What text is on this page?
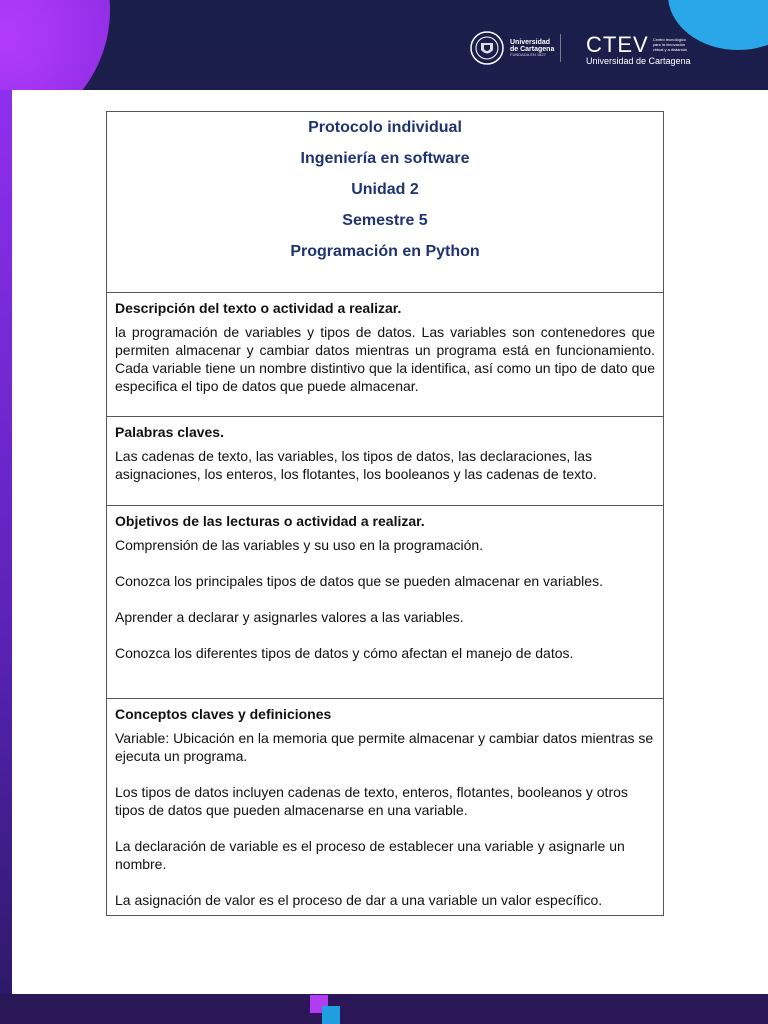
Universidad
de Cartagena
FUNDADA EN 1827	CTEV Centro tecnológico para la innovación virtual y a distancia
Universidad de Cartagena
Protocolo individual
Ingeniería en software
Unidad 2
Semestre 5
Programación en Python

Descripción del texto o actividad a realizar.

la programación de variables y tipos de datos. Las variables son contenedores que permiten almacenar y cambiar datos mientras un programa está en funcionamiento. Cada variable tiene un nombre distintivo que la identifica, así como un tipo de dato que especifica el tipo de datos que puede almacenar.

Palabras claves.

Las cadenas de texto, las variables, los tipos de datos, las declaraciones, las asignaciones, los enteros, los flotantes, los booleanos y las cadenas de texto.

Objetivos de las lecturas o actividad a realizar.

Comprensión de las variables y su uso en la programación.

Conozca los principales tipos de datos que se pueden almacenar en variables.

Aprender a declarar y asignarles valores a las variables.

Conozca los diferentes tipos de datos y cómo afectan el manejo de datos.

Conceptos claves y definiciones

Variable: Ubicación en la memoria que permite almacenar y cambiar datos mientras se ejecuta un programa.

Los tipos de datos incluyen cadenas de texto, enteros, flotantes, booleanos y otros tipos de datos que pueden almacenarse en una variable.

La declaración de variable es el proceso de establecer una variable y asignarle un nombre.

La asignación de valor es el proceso de dar a una variable un valor específico.
